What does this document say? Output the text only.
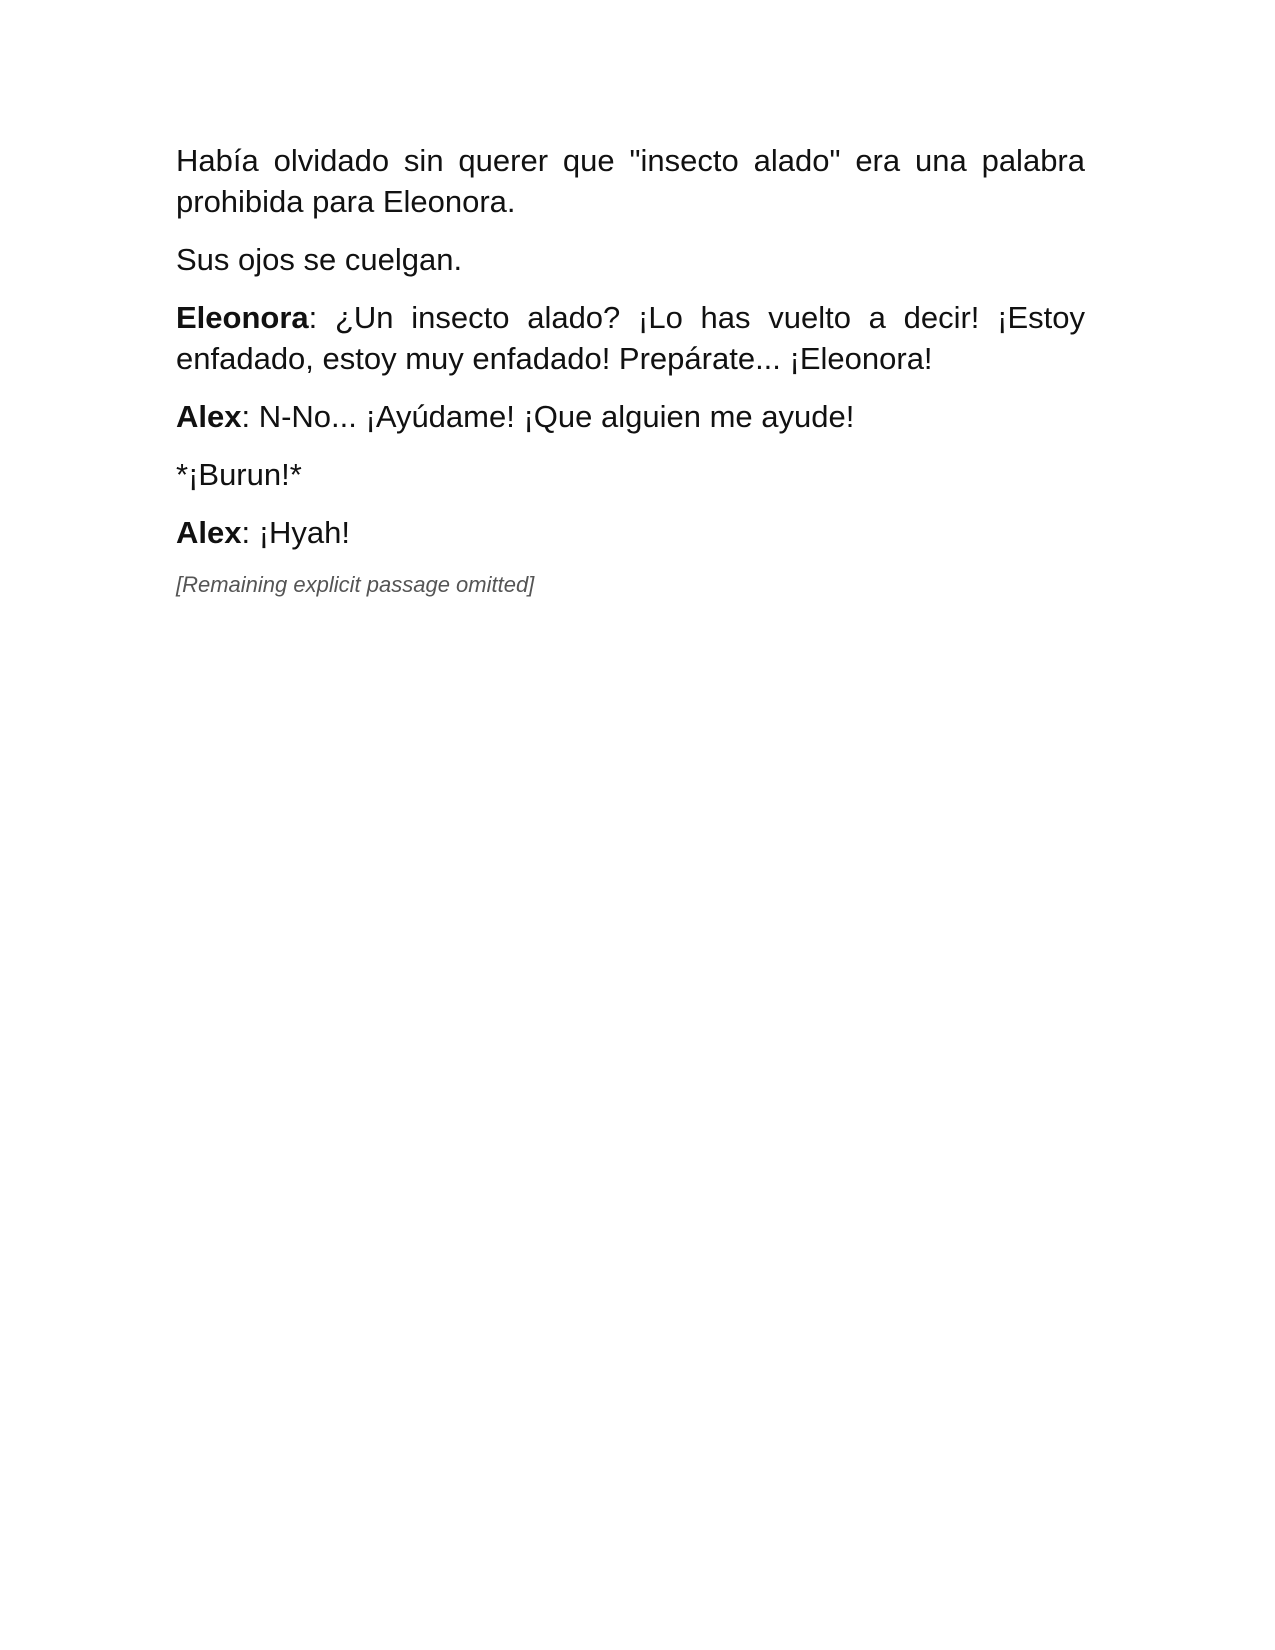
Había olvidado sin querer que "insecto alado" era una palabra prohibida para Eleonora.

Sus ojos se cuelgan.

Eleonora: ¿Un insecto alado? ¡Lo has vuelto a decir! ¡Estoy enfadado, estoy muy enfadado! Prepárate... ¡Eleonora!

Alex: N-No... ¡Ayúdame! ¡Que alguien me ayude!

*¡Burun!*

Alex: ¡Hyah!

[Remaining explicit passage omitted]
